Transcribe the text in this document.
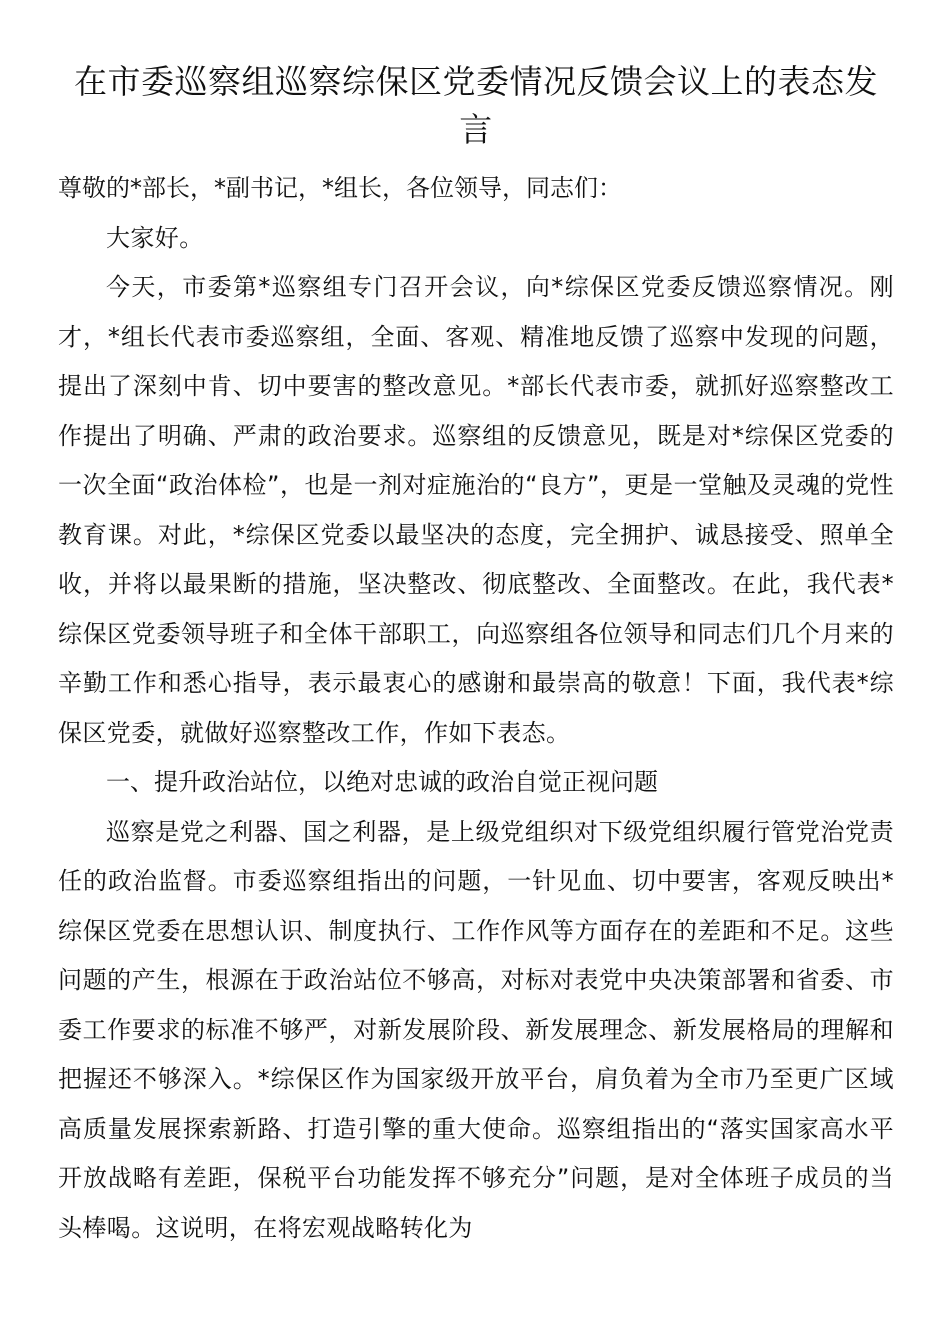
在市委巡察组巡察综保区党委情况反馈会议上的表态发言

尊敬的*部长，*副书记，*组长，各位领导，同志们：

大家好。

今天，市委第*巡察组专门召开会议，向*综保区党委反馈巡察情况。刚才，*组长代表市委巡察组，全面、客观、精准地反馈了巡察中发现的问题，提出了深刻中肯、切中要害的整改意见。*部长代表市委，就抓好巡察整改工作提出了明确、严肃的政治要求。巡察组的反馈意见，既是对*综保区党委的一次全面“政治体检”，也是一剂对症施治的“良方”，更是一堂触及灵魂的党性教育课。对此，*综保区党委以最坚决的态度，完全拥护、诚恳接受、照单全收，并将以最果断的措施，坚决整改、彻底整改、全面整改。在此，我代表*综保区党委领导班子和全体干部职工，向巡察组各位领导和同志们几个月来的辛勤工作和悉心指导，表示最衷心的感谢和最崇高的敬意！下面，我代表*综保区党委，就做好巡察整改工作，作如下表态。

一、提升政治站位，以绝对忠诚的政治自觉正视问题

巡察是党之利器、国之利器，是上级党组织对下级党组织履行管党治党责任的政治监督。市委巡察组指出的问题，一针见血、切中要害，客观反映出*综保区党委在思想认识、制度执行、工作作风等方面存在的差距和不足。这些问题的产生，根源在于政治站位不够高，对标对表党中央决策部署和省委、市委工作要求的标准不够严，对新发展阶段、新发展理念、新发展格局的理解和把握还不够深入。*综保区作为国家级开放平台，肩负着为全市乃至更广区域高质量发展探索新路、打造引擎的重大使命。巡察组指出的“落实国家高水平开放战略有差距，保税平台功能发挥不够充分”问题，是对全体班子成员的当头棒喝。这说明，在将宏观战略转化为
